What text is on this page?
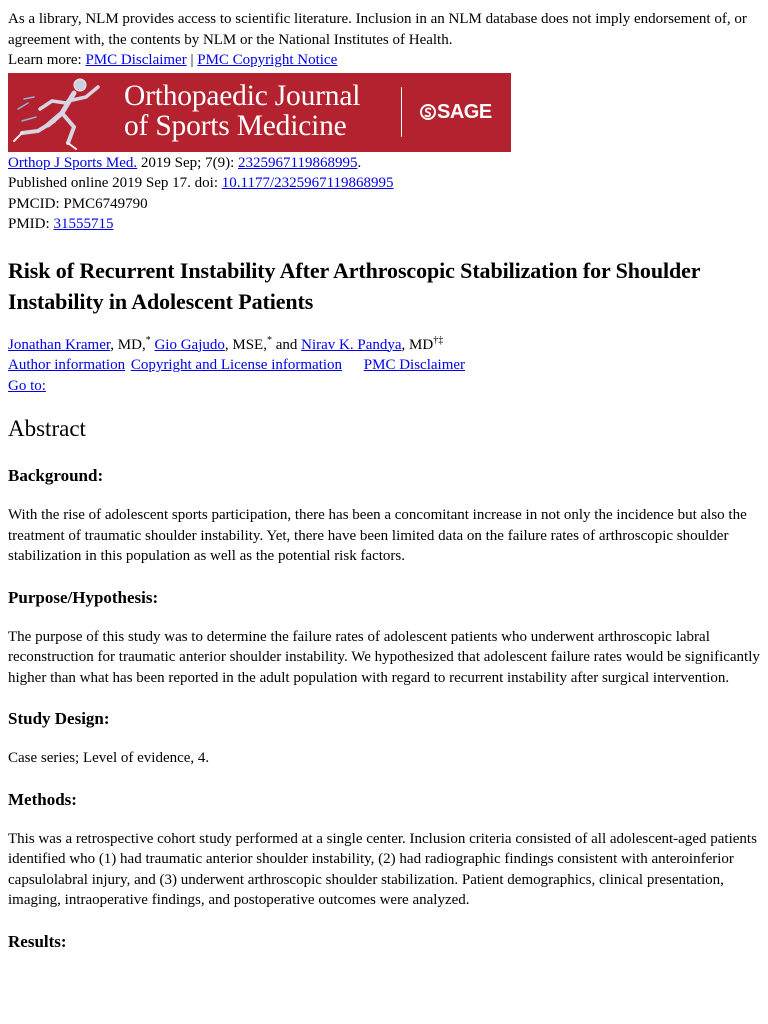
As a library, NLM provides access to scientific literature. Inclusion in an NLM database does not imply endorsement of, or agreement with, the contents by NLM or the National Institutes of Health.
Learn more: PMC Disclaimer | PMC Copyright Notice

Orthopaedic Journal
of Sports Medicine	SAGE

Orthop J Sports Med. 2019 Sep; 7(9): 2325967119868995.
Published online 2019 Sep 17. doi: 10.1177/2325967119868995
PMCID: PMC6749790
PMID: 31555715

Risk of Recurrent Instability After Arthroscopic Stabilization for Shoulder Instability in Adolescent Patients

Jonathan Kramer, MD,* Gio Gajudo, MSE,* and Nirav K. Pandya, MD†‡
Author information Copyright and License information PMC Disclaimer
Go to:

Abstract
Background:

With the rise of adolescent sports participation, there has been a concomitant increase in not only the incidence but also the treatment of traumatic shoulder instability. Yet, there have been limited data on the failure rates of arthroscopic shoulder stabilization in this population as well as the potential risk factors.

Purpose/Hypothesis:

The purpose of this study was to determine the failure rates of adolescent patients who underwent arthroscopic labral reconstruction for traumatic anterior shoulder instability. We hypothesized that adolescent failure rates would be significantly higher than what has been reported in the adult population with regard to recurrent instability after surgical intervention.

Study Design:

Case series; Level of evidence, 4.

Methods:

This was a retrospective cohort study performed at a single center. Inclusion criteria consisted of all adolescent-aged patients identified who (1) had traumatic anterior shoulder instability, (2) had radiographic findings consistent with anteroinferior capsulolabral injury, and (3) underwent arthroscopic shoulder stabilization. Patient demographics, clinical presentation, imaging, intraoperative findings, and postoperative outcomes were analyzed.

Results:
